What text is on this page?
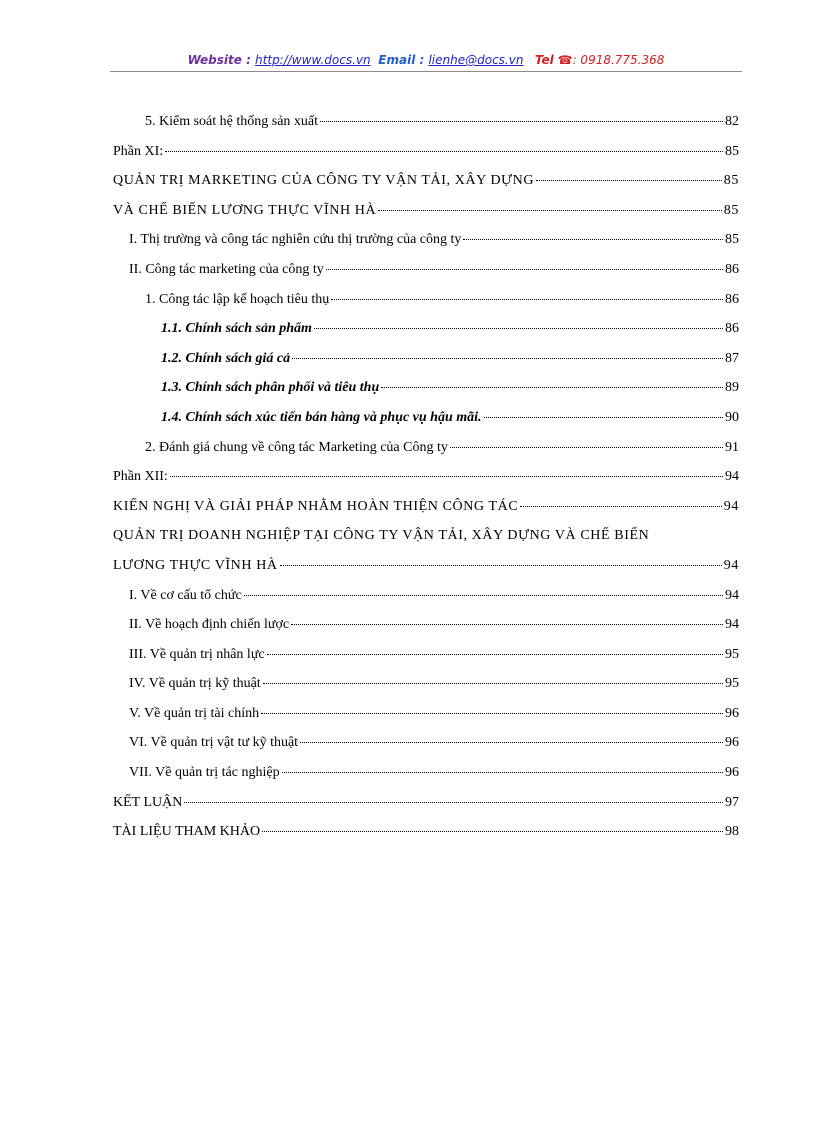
Website : http://www.docs.vn Email : lienhe@docs.vn Tel ☎: 0918.775.368
5. Kiểm soát hệ thống sản xuất	82
Phần XI:	85
QUẢN TRỊ MARKETING CỦA CÔNG TY VẬN TẢI, XÂY DỰNG	85
VÀ CHẾ BIẾN LƯƠNG THỰC VĨNH HÀ	85
I. Thị trường và công tác nghiên cứu thị trường của công ty	85
II. Công tác marketing của công ty	86
1. Công tác lập kế hoạch tiêu thụ	86
1.1. Chính sách sản phẩm	86
1.2. Chính sách giá cả	87
1.3. Chính sách phân phối và tiêu thụ	89
1.4. Chính sách xúc tiến bán hàng và phục vụ hậu mãi.	90
2. Đánh giá chung về công tác Marketing của Công ty	91
Phần XII:	94
KIẾN NGHỊ VÀ GIẢI PHÁP NHẰM HOÀN THIỆN CÔNG TÁC	94
QUẢN TRỊ DOANH NGHIỆP TẠI CÔNG TY VẬN TẢI, XÂY DỰNG VÀ CHẾ BIẾN
LƯƠNG THỰC VĨNH HÀ	94
I. Về cơ cấu tổ chức	94
II. Về hoạch định chiến lược	94
III. Về quản trị nhân lực	95
IV. Về quản trị kỹ thuật	95
V. Về quản trị tài chính	96
VI. Về quản trị vật tư kỹ thuật	96
VII. Về quản trị tác nghiệp	96
KẾT LUẬN	97
TÀI LIỆU THAM KHẢO	98
